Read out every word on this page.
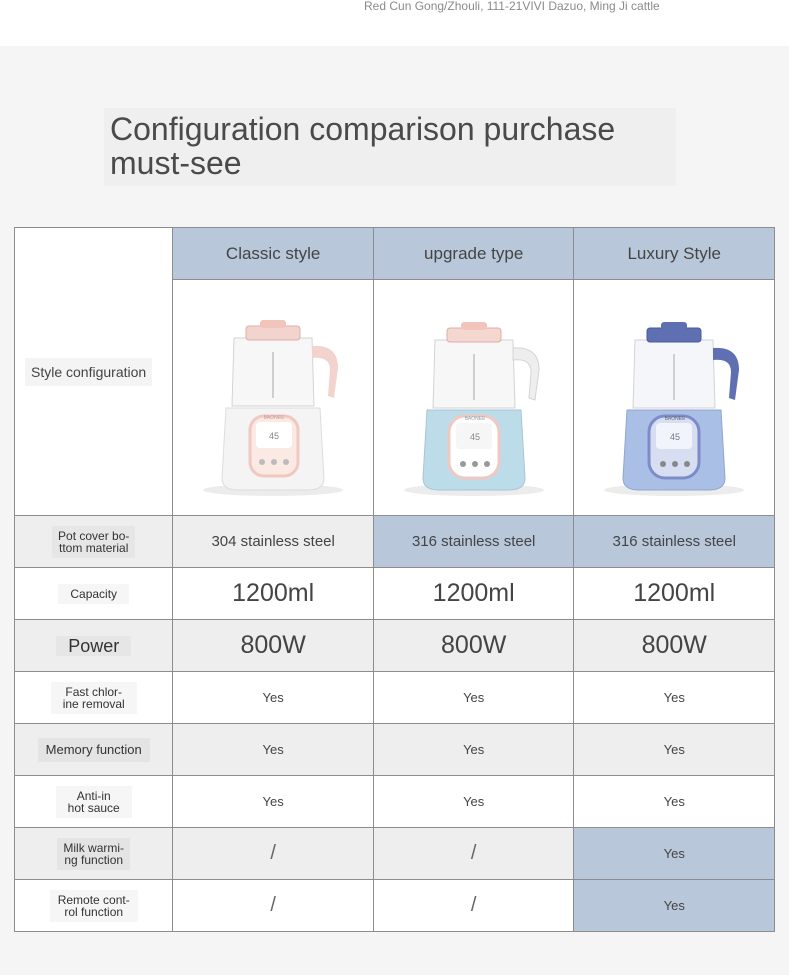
Red Cun Gong/Zhouli, 111-21VIVI Dazuo, Ming Ji cattle
Configuration comparison purchase must-see
Style configuration	Classic style	upgrade type	Luxury Style

45
BAONEE	45
BAONEE	45
BAONEE

Pot cover bo-
ttom material	304 stainless steel	316 stainless steel	316 stainless steel
Capacity	1200ml	1200ml	1200ml
Power	800W	800W	800W
Fast chlor-
ine removal	Yes	Yes	Yes
Memory function	Yes	Yes	Yes
Anti-in
hot sauce	Yes	Yes	Yes
Milk warmi-
ng function	/	/	Yes
Remote cont-
rol function	/	/	Yes
